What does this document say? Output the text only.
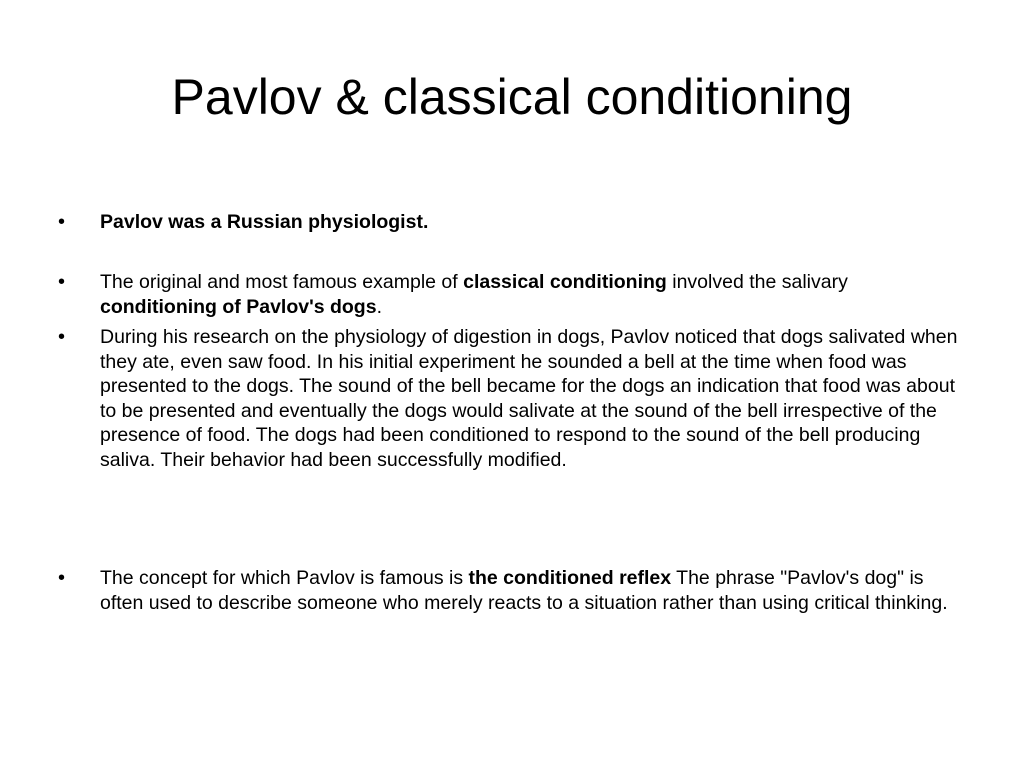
Pavlov & classical conditioning
• Pavlov was a Russian physiologist.

• The original and most famous example of classical conditioning involved the salivary conditioning of Pavlov's dogs.

• During his research on the physiology of digestion in dogs, Pavlov noticed that dogs salivated when they ate, even saw food. In his initial experiment he sounded a bell at the time when food was presented to the dogs. The sound of the bell became for the dogs an indication that food was about to be presented and eventually the dogs would salivate at the sound of the bell irrespective of the presence of food. The dogs had been conditioned to respond to the sound of the bell producing saliva. Their behavior had been successfully modified.

• The concept for which Pavlov is famous is the conditioned reflex The phrase "Pavlov's dog" is often used to describe someone who merely reacts to a situation rather than using critical thinking.
